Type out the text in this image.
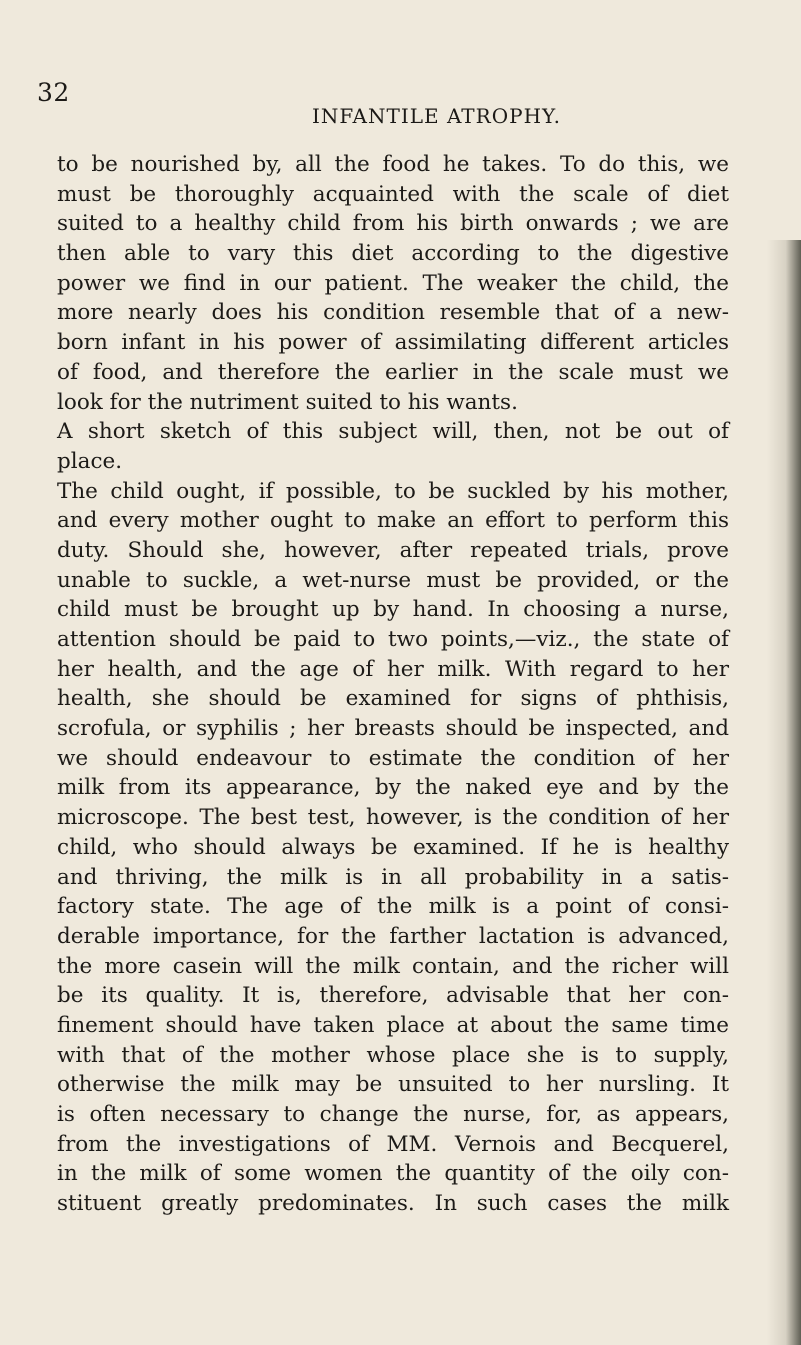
32
INFANTILE ATROPHY.
to be nourished by, all the food he takes. To do this, we
must be thoroughly acquainted with the scale of diet
suited to a healthy child from his birth onwards ; we are
then able to vary this diet according to the digestive
power we find in our patient. The weaker the child, the
more nearly does his condition resemble that of a new-
born infant in his power of assimilating different articles
of food, and therefore the earlier in the scale must we
look for the nutriment suited to his wants.
A short sketch of this subject will, then, not be out of
place.
The child ought, if possible, to be suckled by his mother,
and every mother ought to make an effort to perform this
duty. Should she, however, after repeated trials, prove
unable to suckle, a wet-nurse must be provided, or the
child must be brought up by hand. In choosing a nurse,
attention should be paid to two points,—viz., the state of
her health, and the age of her milk. With regard to her
health, she should be examined for signs of phthisis,
scrofula, or syphilis ; her breasts should be inspected, and
we should endeavour to estimate the condition of her
milk from its appearance, by the naked eye and by the
microscope. The best test, however, is the condition of her
child, who should always be examined. If he is healthy
and thriving, the milk is in all probability in a satis-
factory state. The age of the milk is a point of consi-
derable importance, for the farther lactation is advanced,
the more casein will the milk contain, and the richer will
be its quality. It is, therefore, advisable that her con-
finement should have taken place at about the same time
with that of the mother whose place she is to supply,
otherwise the milk may be unsuited to her nursling. It
is often necessary to change the nurse, for, as appears,
from the investigations of MM. Vernois and Becquerel,
in the milk of some women the quantity of the oily con-
stituent greatly predominates. In such cases the milk
